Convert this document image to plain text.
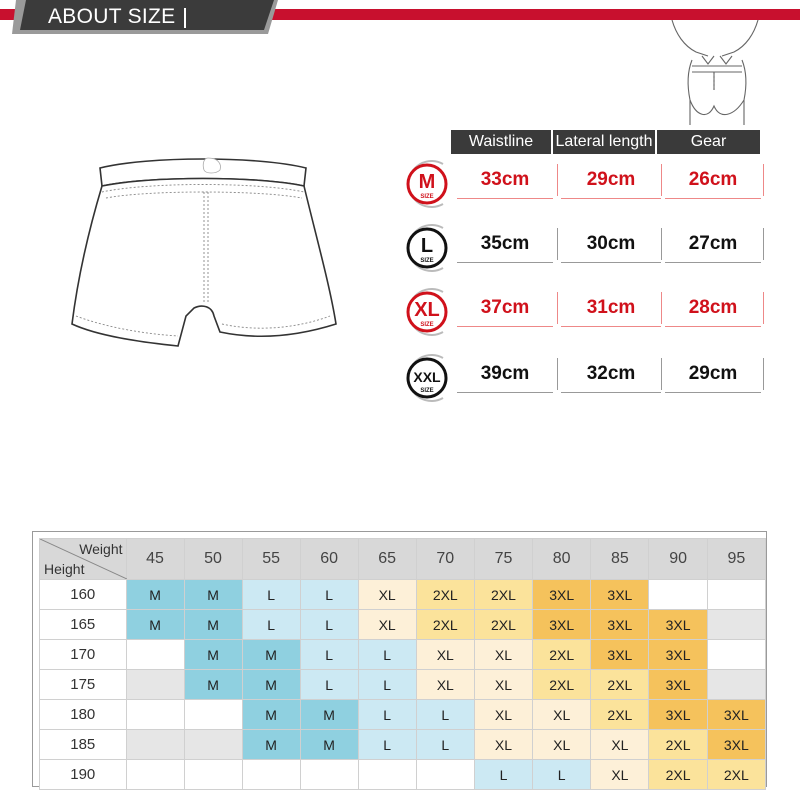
ABOUT SIZE
Waistline	Lateral length	Gear
M
SIZE
33cm	29cm	26cm
L
SIZE
35cm	30cm	27cm
XL
SIZE
37cm	31cm	28cm
XXL
SIZE
39cm	32cm	29cm
Weight
Height	45	50	55	60	65	70	75	80	85	90	95
160	M	M	L	L	XL	2XL	2XL	3XL	3XL		
165	M	M	L	L	XL	2XL	2XL	3XL	3XL	3XL	
170		M	M	L	L	XL	XL	2XL	3XL	3XL	
175		M	M	L	L	XL	XL	2XL	2XL	3XL	
180			M	M	L	L	XL	XL	2XL	3XL	3XL
185			M	M	L	L	XL	XL	XL	2XL	3XL
190							L	L	XL	2XL	2XL
